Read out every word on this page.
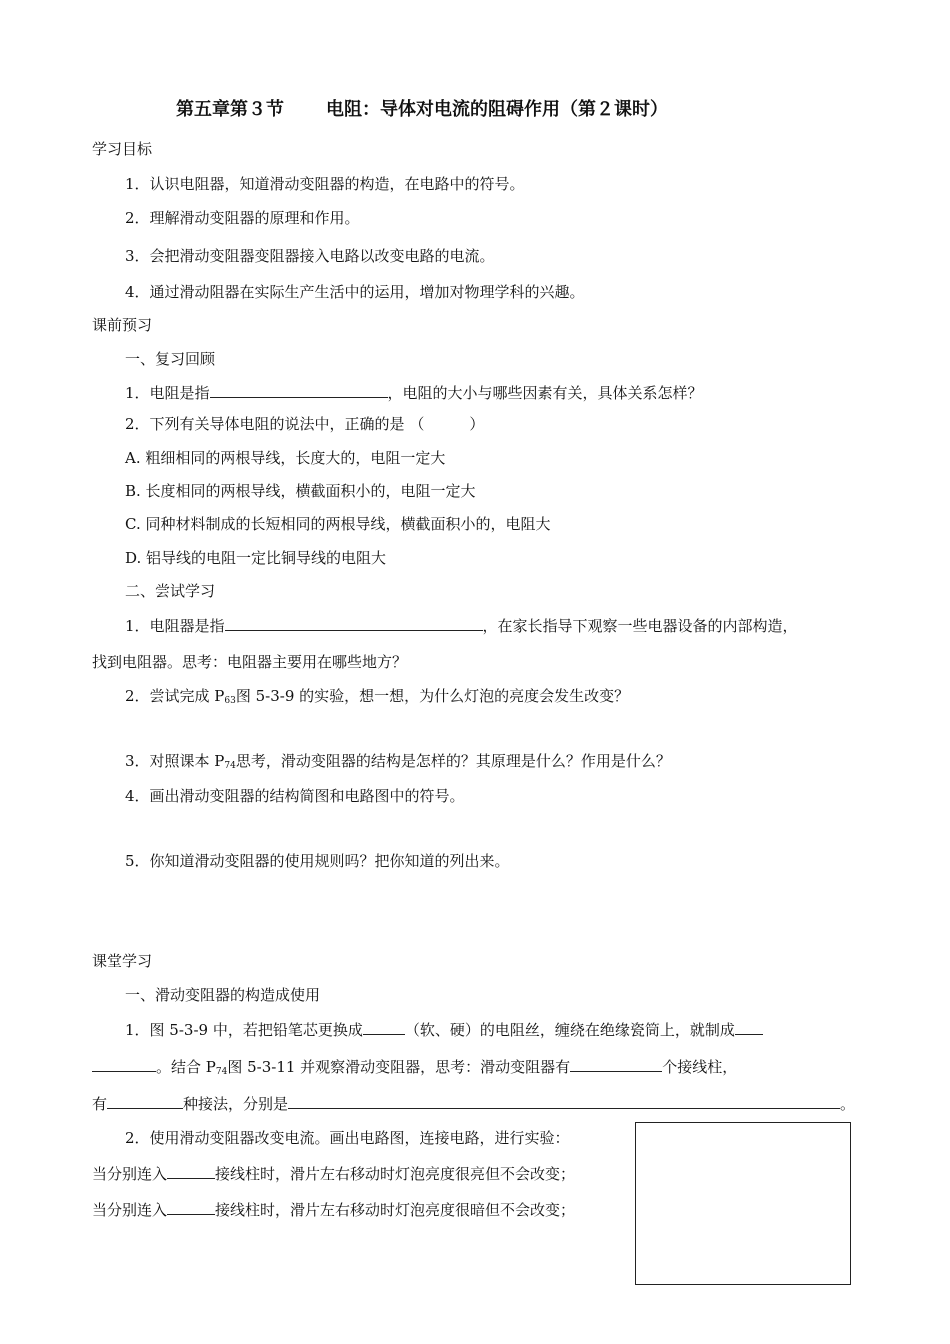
第五章第３节 电阻：导体对电流的阻碍作用（第２课时）
学习目标
1．认识电阻器，知道滑动变阻器的构造，在电路中的符号。
2．理解滑动变阻器的原理和作用。
3．会把滑动变阻器变阻器接入电路以改变电路的电流。
4．通过滑动阻器在实际生产生活中的运用，增加对物理学科的兴趣。
课前预习
一、复习回顾
1．电阻是指	，电阻的大小与哪些因素有关，具体关系怎样？
2．下列有关导体电阻的说法中，正确的是 （　　　）
A. 粗细相同的两根导线，长度大的，电阻一定大
B. 长度相同的两根导线，横截面积小的，电阻一定大
C. 同种材料制成的长短相同的两根导线，横截面积小的，电阻大
D. 铝导线的电阻一定比铜导线的电阻大
二、尝试学习
1．电阻器是指	，在家长指导下观察一些电器设备的内部构造，
找到电阻器。思考：电阻器主要用在哪些地方？
2．尝试完成 $P_{63}$图 5-3-9 的实验，想一想，为什么灯泡的亮度会发生改变？
3．对照课本 $P_{74}$思考，滑动变阻器的结构是怎样的？其原理是什么？作用是什么？
4．画出滑动变阻器的结构简图和电路图中的符号。
5．你知道滑动变阻器的使用规则吗？把你知道的列出来。
课堂学习
一、滑动变阻器的构造成使用
1．图 5-3-9 中，若把铅笔芯更换成	（软、硬）的电阻丝，缠绕在绝缘瓷筒上，就制成
。结合 $P_{74}$图 5-3-11 并观察滑动变阻器，思考：滑动变阻器有	个接线柱，
有	种接法，分别是	。
2．使用滑动变阻器改变电流。画出电路图，连接电路，进行实验：
当分别连入	接线柱时，滑片左右移动时灯泡亮度很亮但不会改变；
当分别连入	接线柱时，滑片左右移动时灯泡亮度很暗但不会改变；
